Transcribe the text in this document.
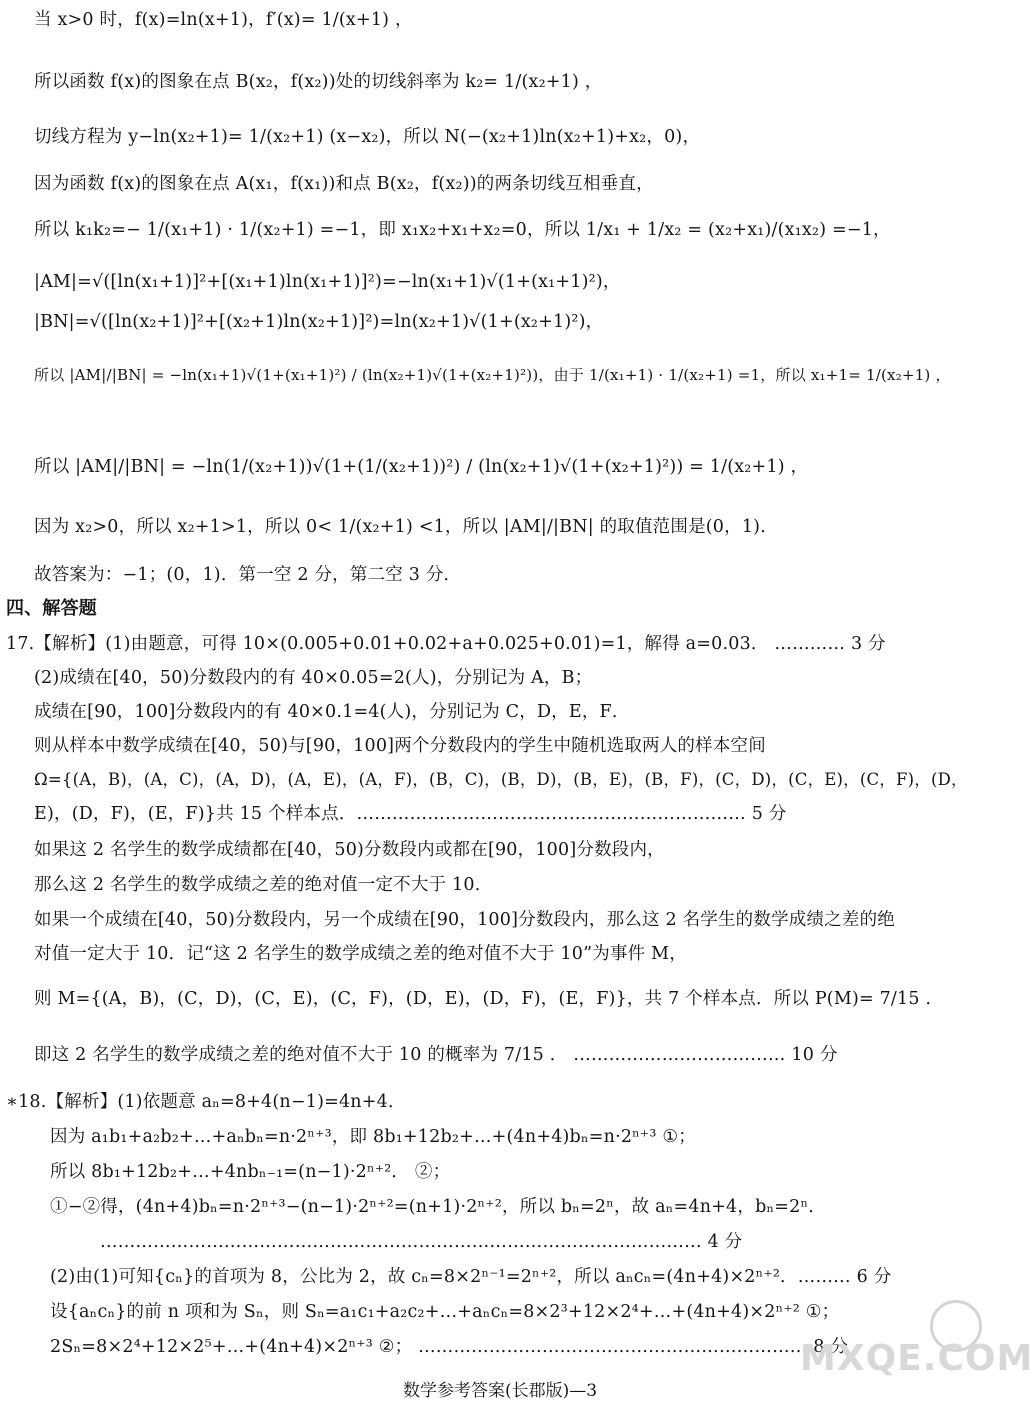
当 x>0 时，f(x)=ln(x+1)，f′(x)= 1/(x+1) ，
所以函数 f(x)的图象在点 B(x₂，f(x₂))处的切线斜率为 k₂= 1/(x₂+1) ，
切线方程为 y−ln(x₂+1)= 1/(x₂+1) (x−x₂)，所以 N(−(x₂+1)ln(x₂+1)+x₂，0)，
因为函数 f(x)的图象在点 A(x₁，f(x₁))和点 B(x₂，f(x₂))的两条切线互相垂直，
所以 k₁k₂=− 1/(x₁+1) · 1/(x₂+1) =−1，即 x₁x₂+x₁+x₂=0，所以 1/x₁ + 1/x₂ = (x₂+x₁)/(x₁x₂) =−1，
|AM|=√([ln(x₁+1)]²+[(x₁+1)ln(x₁+1)]²)=−ln(x₁+1)√(1+(x₁+1)²)，
|BN|=√([ln(x₂+1)]²+[(x₂+1)ln(x₂+1)]²)=ln(x₂+1)√(1+(x₂+1)²)，
所以 |AM|/|BN| = −ln(x₁+1)√(1+(x₁+1)²) / (ln(x₂+1)√(1+(x₂+1)²))，由于 1/(x₁+1) · 1/(x₂+1) =1，所以 x₁+1= 1/(x₂+1) ，
所以 |AM|/|BN| = −ln(1/(x₂+1))√(1+(1/(x₂+1))²) / (ln(x₂+1)√(1+(x₂+1)²)) = 1/(x₂+1) ，
因为 x₂>0，所以 x₂+1>1，所以 0< 1/(x₂+1) <1，所以 |AM|/|BN| 的取值范围是(0，1)．
故答案为：−1；(0，1)．第一空 2 分，第二空 3 分．
四、解答题
17.【解析】(1)由题意，可得 10×(0.005+0.01+0.02+a+0.025+0.01)=1，解得 a=0.03． ………… 3 分
(2)成绩在[40，50)分数段内的有 40×0.05=2(人)，分别记为 A，B；
成绩在[90，100]分数段内的有 40×0.1=4(人)，分别记为 C，D，E，F．
则从样本中数学成绩在[40，50)与[90，100]两个分数段内的学生中随机选取两人的样本空间
Ω={(A，B)，(A，C)，(A，D)，(A，E)，(A，F)，(B，C)，(B，D)，(B，E)，(B，F)，(C，D)，(C，E)，(C，F)，(D，
E)，(D，F)，(E，F)}共 15 个样本点．………………………………………………………… 5 分
如果这 2 名学生的数学成绩都在[40，50)分数段内或都在[90，100]分数段内，
那么这 2 名学生的数学成绩之差的绝对值一定不大于 10．
如果一个成绩在[40，50)分数段内，另一个成绩在[90，100]分数段内，那么这 2 名学生的数学成绩之差的绝
对值一定大于 10．记“这 2 名学生的数学成绩之差的绝对值不大于 10”为事件 M，
则 M={(A，B)，(C，D)，(C，E)，(C，F)，(D，E)，(D，F)，(E，F)}，共 7 个样本点．所以 P(M)= 7/15 ．
即这 2 名学生的数学成绩之差的绝对值不大于 10 的概率为 7/15 ． ……………………………… 10 分
∗18.【解析】(1)依题意 aₙ=8+4(n−1)=4n+4．
因为 a₁b₁+a₂b₂+…+aₙbₙ=n·2ⁿ⁺³，即 8b₁+12b₂+…+(4n+4)bₙ=n·2ⁿ⁺³ ①；
所以 8b₁+12b₂+…+4nbₙ₋₁=(n−1)·2ⁿ⁺²． ②；
①−②得，(4n+4)bₙ=n·2ⁿ⁺³−(n−1)·2ⁿ⁺²=(n+1)·2ⁿ⁺²，所以 bₙ=2ⁿ，故 aₙ=4n+4，bₙ=2ⁿ．
………………………………………………………………………………………… 4 分
(2)由(1)可知{cₙ}的首项为 8，公比为 2，故 cₙ=8×2ⁿ⁻¹=2ⁿ⁺²，所以 aₙcₙ=(4n+4)×2ⁿ⁺²．……… 6 分
设{aₙcₙ}的前 n 项和为 Sₙ，则 Sₙ=a₁c₁+a₂c₂+…+aₙcₙ=8×2³+12×2⁴+…+(4n+4)×2ⁿ⁺² ①；
2Sₙ=8×2⁴+12×2⁵+…+(4n+4)×2ⁿ⁺³ ②； ………………………………………………………… 8 分
MXQE.COM
数学参考答案(长郡版)—3
